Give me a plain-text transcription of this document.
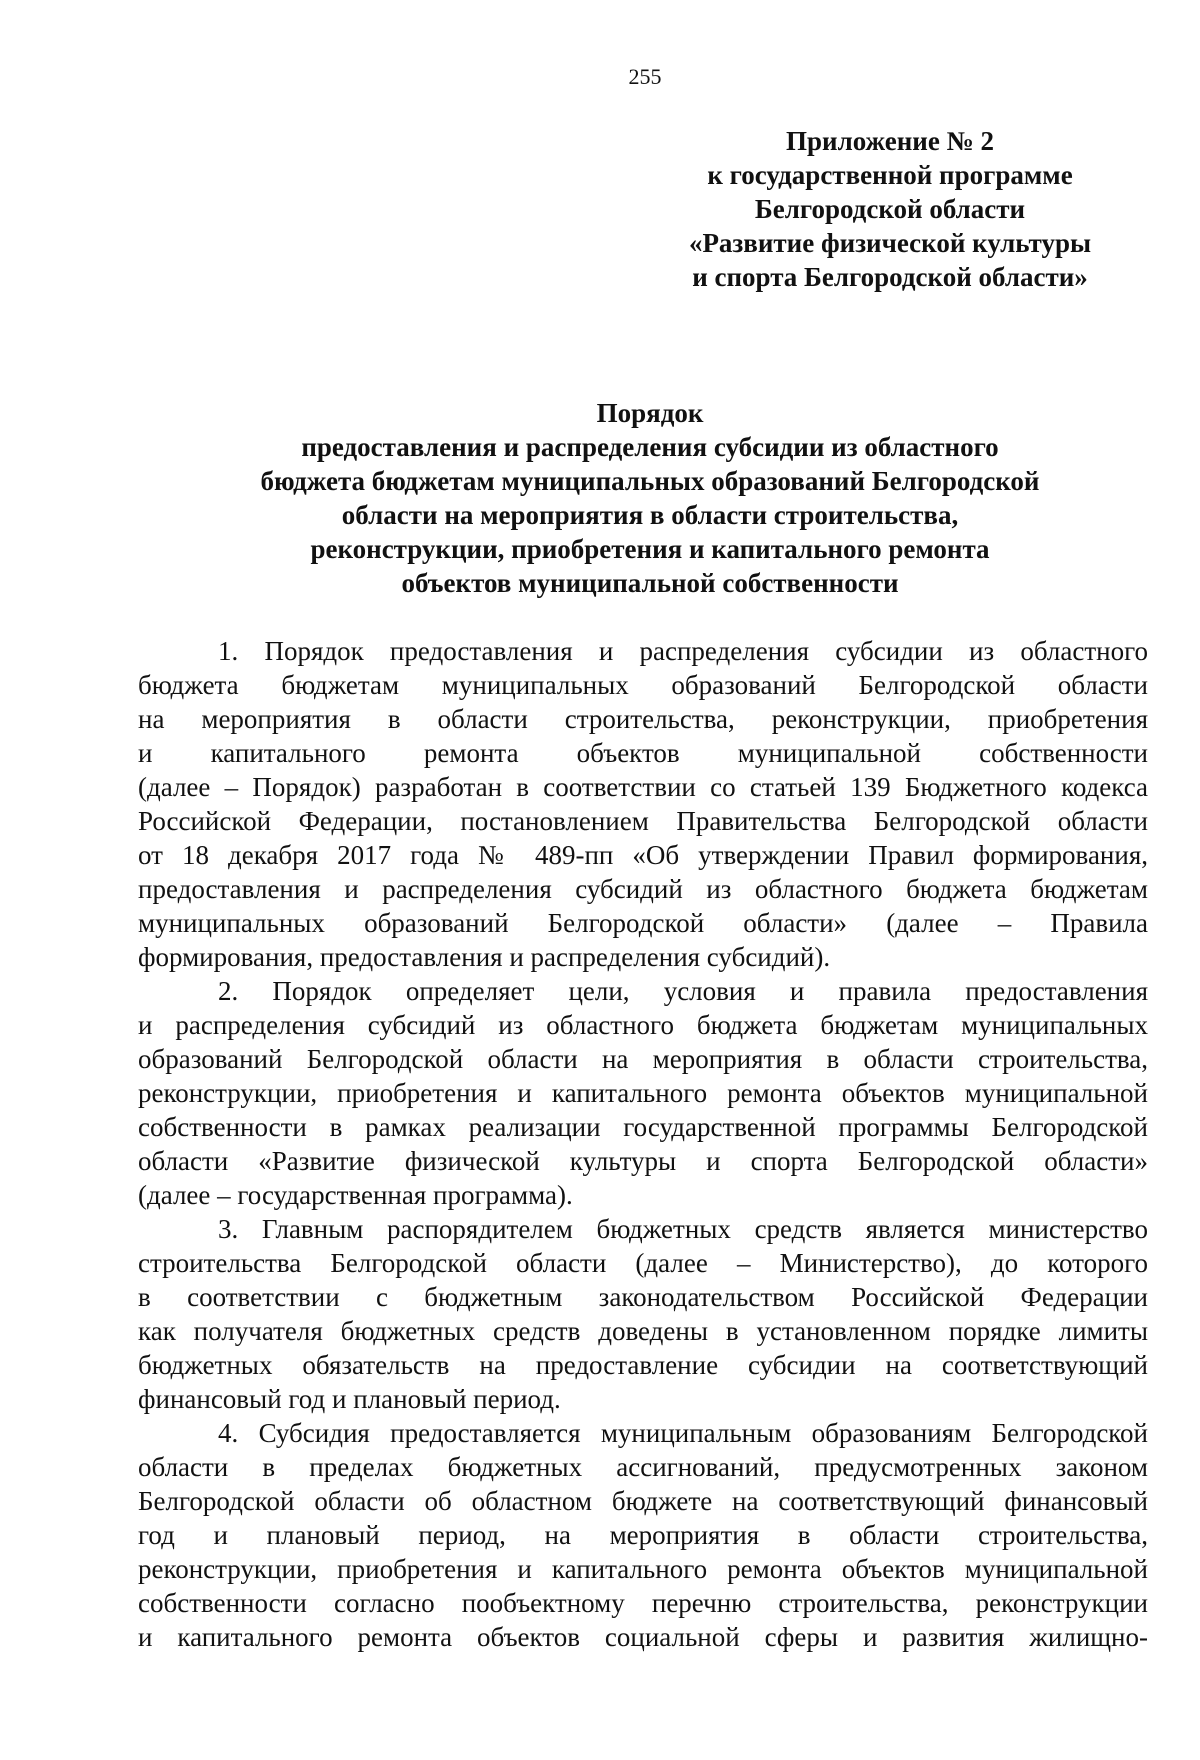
255
Приложение № 2
к государственной программе
Белгородской области
«Развитие физической культуры
и спорта Белгородской области»
Порядок
предоставления и распределения субсидии из областного
бюджета бюджетам муниципальных образований Белгородской
области на мероприятия в области строительства,
реконструкции, приобретения и капитального ремонта
объектов муниципальной собственности
1. Порядок предоставления и распределения субсидии из областного
бюджета бюджетам муниципальных образований Белгородской области
на мероприятия в области строительства, реконструкции, приобретения
и капитального ремонта объектов муниципальной собственности
(далее – Порядок) разработан в соответствии со статьей 139 Бюджетного кодекса
Российской Федерации, постановлением Правительства Белгородской области
от 18 декабря 2017 года № 489-пп «Об утверждении Правил формирования,
предоставления и распределения субсидий из областного бюджета бюджетам
муниципальных образований Белгородской области» (далее – Правила
формирования, предоставления и распределения субсидий).
2. Порядок определяет цели, условия и правила предоставления
и распределения субсидий из областного бюджета бюджетам муниципальных
образований Белгородской области на мероприятия в области строительства,
реконструкции, приобретения и капитального ремонта объектов муниципальной
собственности в рамках реализации государственной программы Белгородской
области «Развитие физической культуры и спорта Белгородской области»
(далее – государственная программа).
3. Главным распорядителем бюджетных средств является министерство
строительства Белгородской области (далее – Министерство), до которого
в соответствии с бюджетным законодательством Российской Федерации
как получателя бюджетных средств доведены в установленном порядке лимиты
бюджетных обязательств на предоставление субсидии на соответствующий
финансовый год и плановый период.
4. Субсидия предоставляется муниципальным образованиям Белгородской
области в пределах бюджетных ассигнований, предусмотренных законом
Белгородской области об областном бюджете на соответствующий финансовый
год и плановый период, на мероприятия в области строительства,
реконструкции, приобретения и капитального ремонта объектов муниципальной
собственности согласно пообъектному перечню строительства, реконструкции
и капитального ремонта объектов социальной сферы и развития жилищно-
